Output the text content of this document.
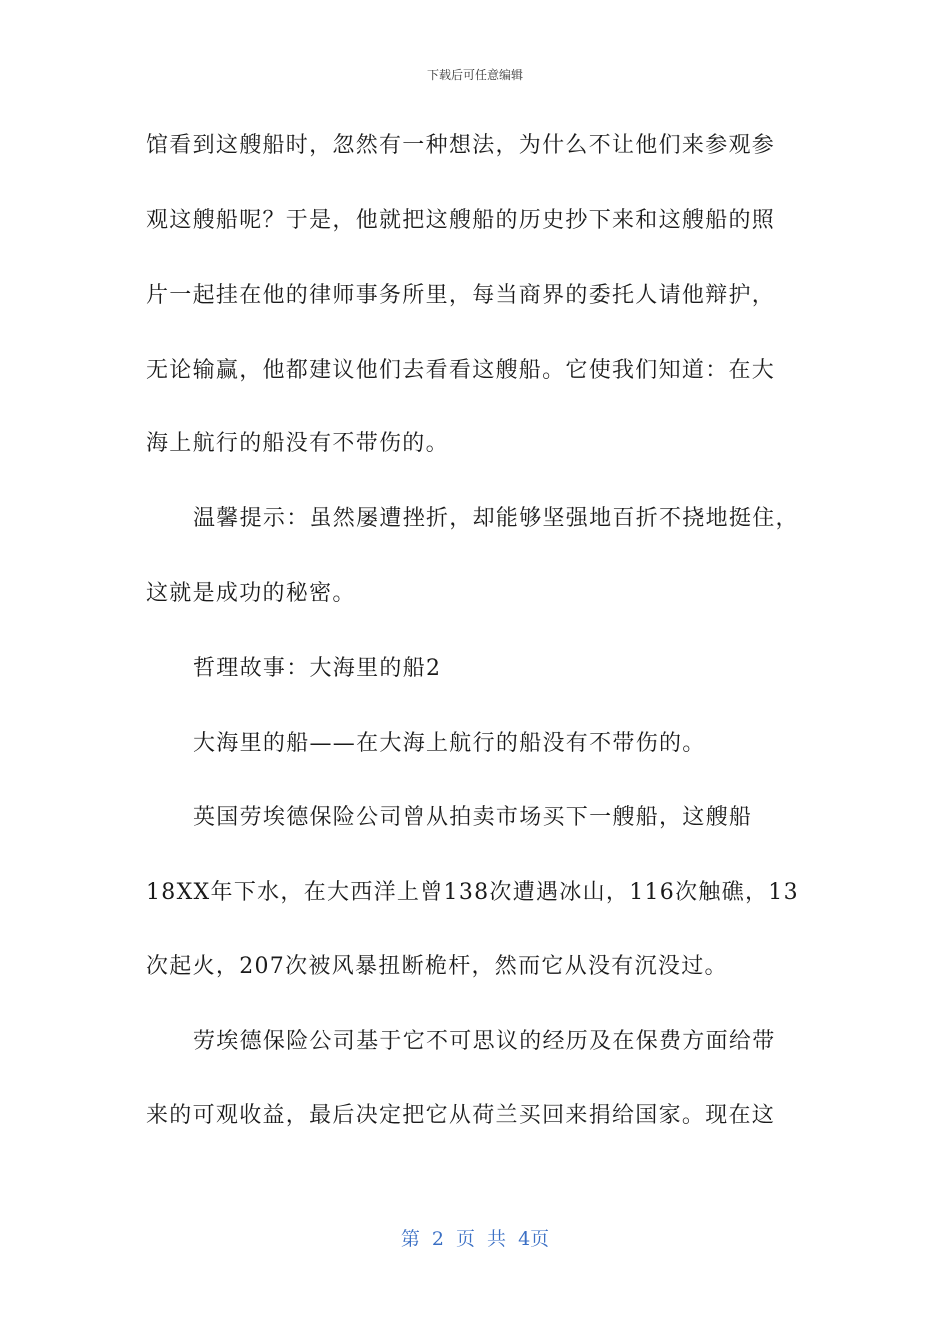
下载后可任意编辑
馆看到这艘船时，忽然有一种想法，为什么不让他们来参观参
观这艘船呢？于是，他就把这艘船的历史抄下来和这艘船的照
片一起挂在他的律师事务所里，每当商界的委托人请他辩护，
无论输赢，他都建议他们去看看这艘船。它使我们知道：在大
海上航行的船没有不带伤的。
温馨提示：虽然屡遭挫折，却能够坚强地百折不挠地挺住，
这就是成功的秘密。
哲理故事：大海里的船2
大海里的船——在大海上航行的船没有不带伤的。
英国劳埃德保险公司曾从拍卖市场买下一艘船，这艘船
18XX年下水，在大西洋上曾138次遭遇冰山，116次触礁，13
次起火，207次被风暴扭断桅杆，然而它从没有沉没过。
劳埃德保险公司基于它不可思议的经历及在保费方面给带
来的可观收益，最后决定把它从荷兰买回来捐给国家。现在这
第 2 页 共 4页
